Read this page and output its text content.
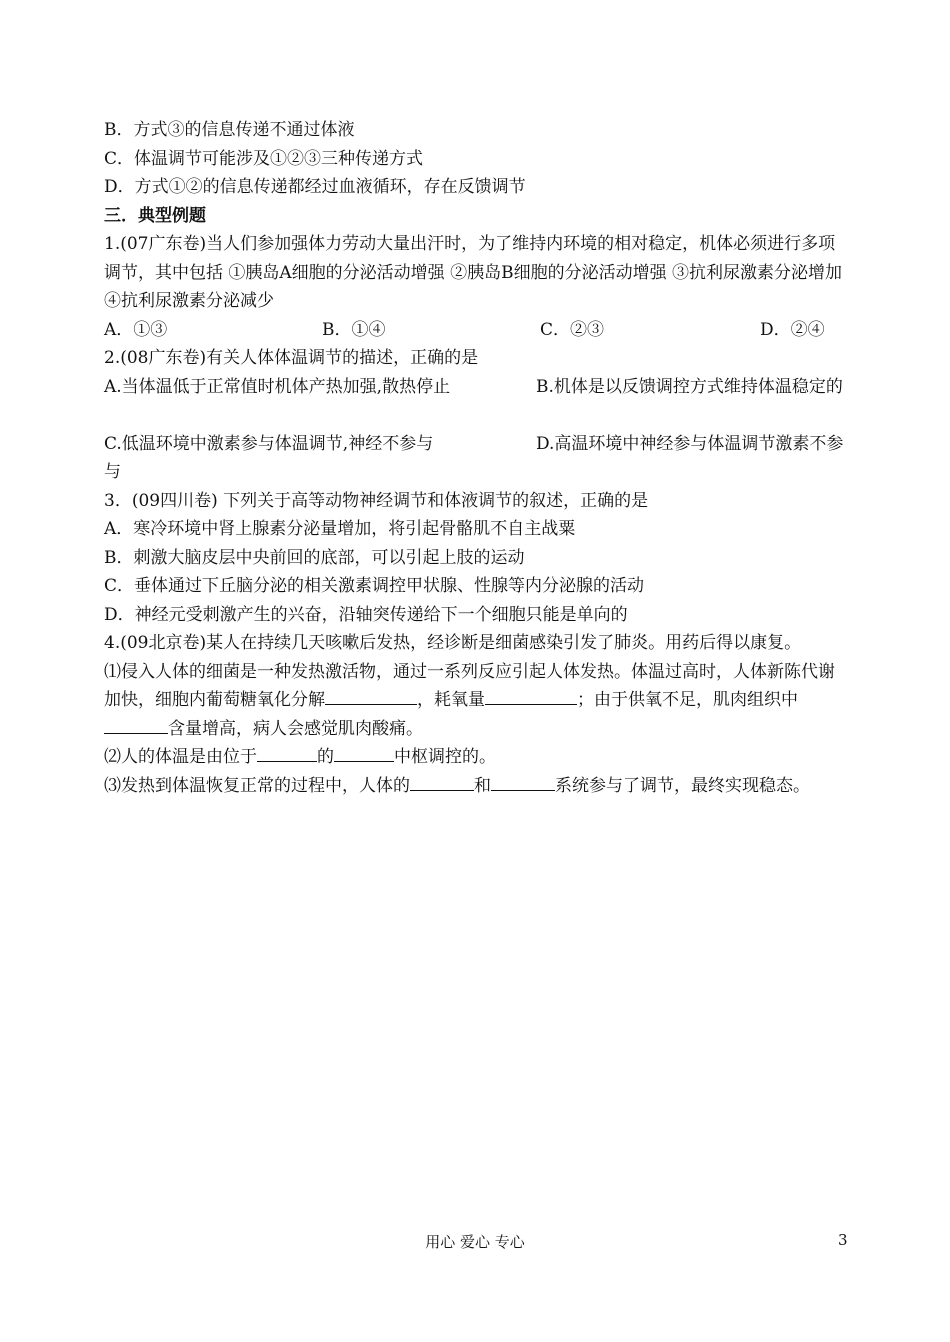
B．方式③的信息传递不通过体液

C．体温调节可能涉及①②③三种传递方式

D．方式①②的信息传递都经过血液循环，存在反馈调节

三．典型例题

1.(07广东卷)当人们参加强体力劳动大量出汗时，为了维持内环境的相对稳定，机体必须进行多项调节，其中包括 ①胰岛A细胞的分泌活动增强 ②胰岛B细胞的分泌活动增强 ③抗利尿激素分泌增加 ④抗利尿激素分泌减少

A．①③	B．①④	C．②③	D．②④

2.(08广东卷)有关人体体温调节的描述，正确的是

A.当体温低于正常值时机体产热加强,散热停止	B.机体是以反馈调控方式维持体温稳定的
C.低温环境中激素参与体温调节,神经不参与	D.高温环境中神经参与体温调节激素不参与

3．(09四川卷) 下列关于高等动物神经调节和体液调节的叙述，正确的是

A．寒冷环境中肾上腺素分泌量增加，将引起骨骼肌不自主战粟

B．刺激大脑皮层中央前回的底部，可以引起上肢的运动

C．垂体通过下丘脑分泌的相关激素调控甲状腺、性腺等内分泌腺的活动

D．神经元受刺激产生的兴奋，沿轴突传递给下一个细胞只能是单向的

4.(09北京卷)某人在持续几天咳嗽后发热，经诊断是细菌感染引发了肺炎。用药后得以康复。

⑴侵入人体的细菌是一种发热激活物，通过一系列反应引起人体发热。体温过高时，人体新陈代谢加快，细胞内葡萄糖氧化分解	，耗氧量	；由于供氧不足，肌肉组织中含量增高，病人会感觉肌肉酸痛。

⑵人的体温是由位于	的	中枢调控的。

⑶发热到体温恢复正常的过程中，人体的	和	系统参与了调节，最终实现稳态。

用心 爱心 专心	3
